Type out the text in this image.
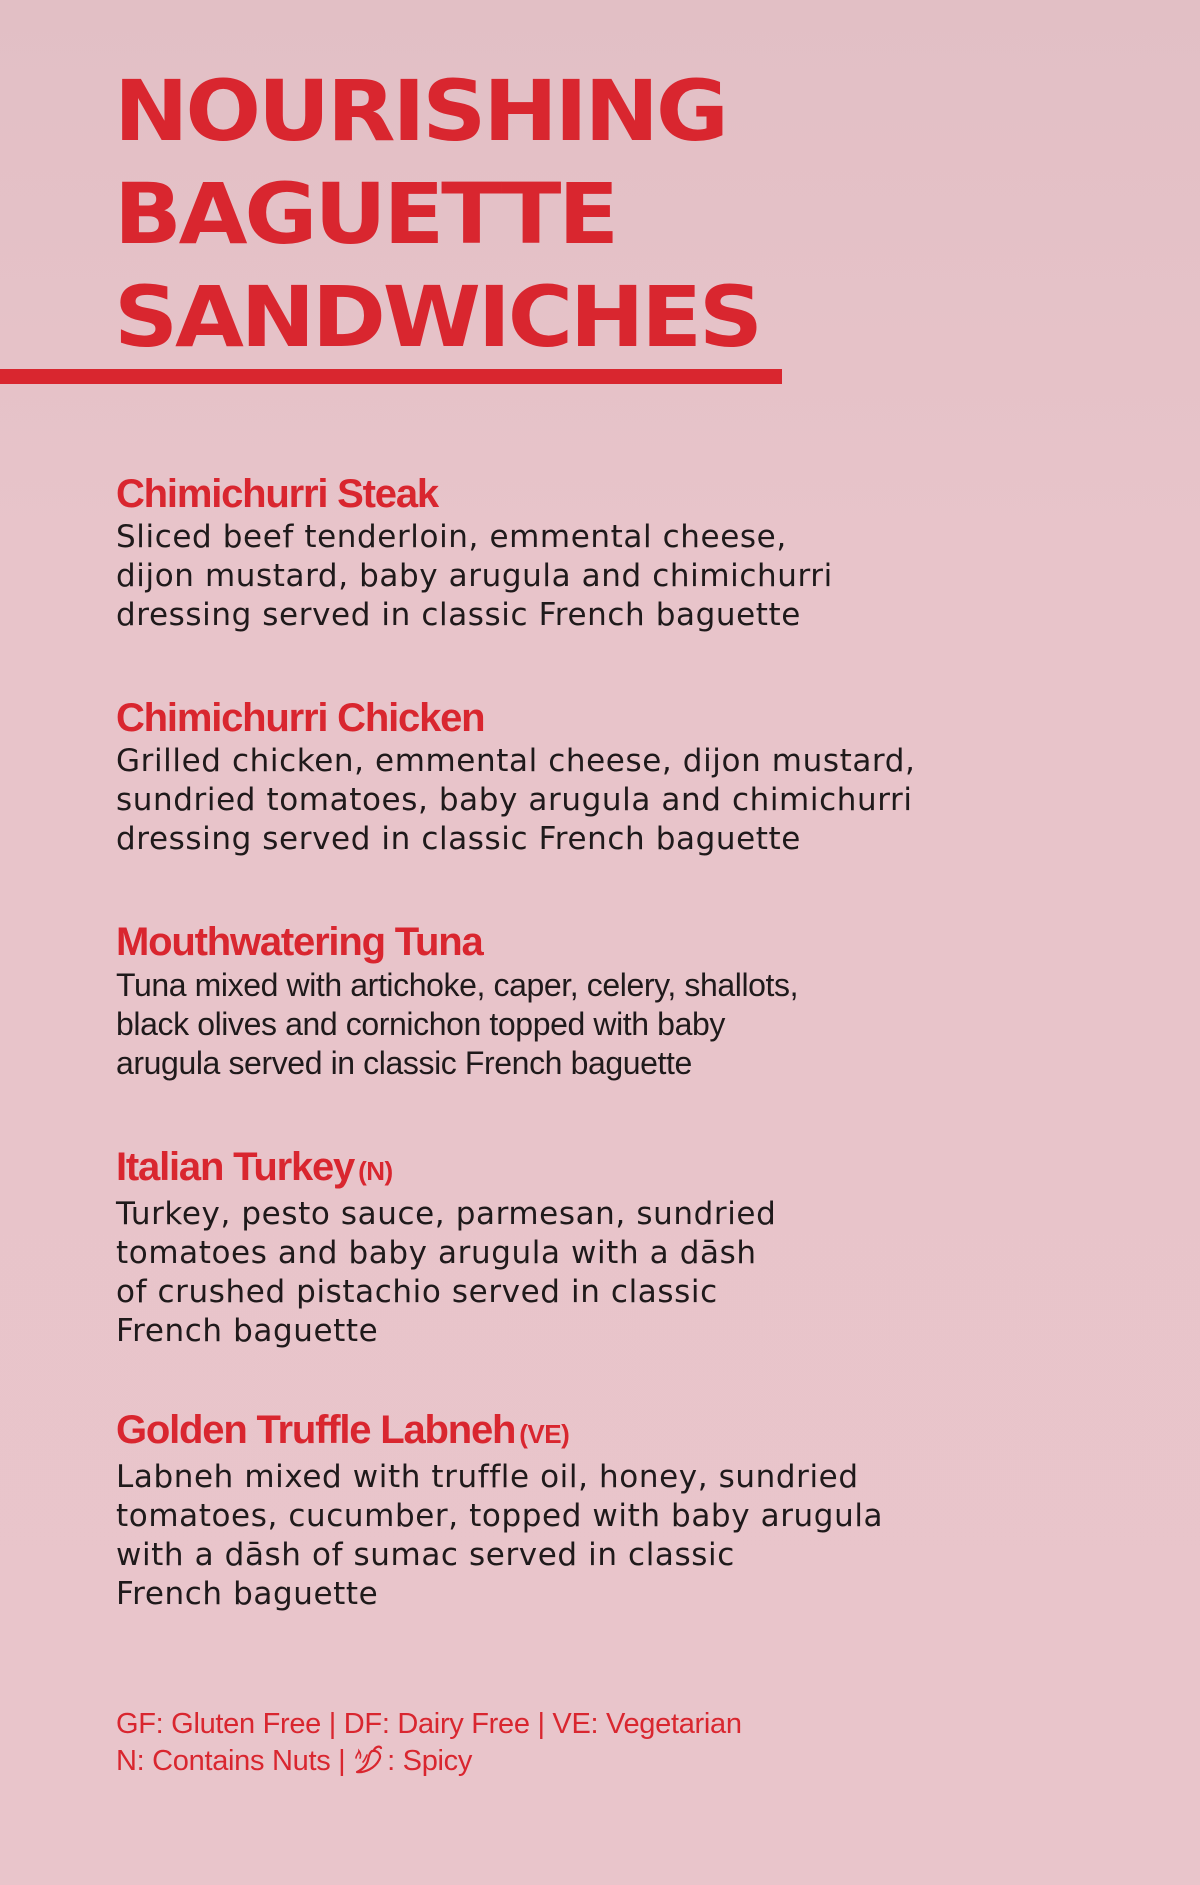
NOURISHING
BAGUETTE
SANDWICHES
Chimichurri Steak

Sliced beef tenderloin, emmental cheese,
dijon mustard, baby arugula and chimichurri
dressing served in classic French baguette

Chimichurri Chicken

Grilled chicken, emmental cheese, dijon mustard,
sundried tomatoes, baby arugula and chimichurri
dressing served in classic French baguette

Mouthwatering Tuna

Tuna mixed with artichoke, caper, celery, shallots,
black olives and cornichon topped with baby
arugula served in classic French baguette

Italian Turkey (N)

Turkey, pesto sauce, parmesan, sundried
tomatoes and baby arugula with a dāsh
of crushed pistachio served in classic
French baguette

Golden Truffle Labneh (VE)

Labneh mixed with truffle oil, honey, sundried
tomatoes, cucumber, topped with baby arugula
with a dāsh of sumac served in classic
French baguette

GF: Gluten Free | DF: Dairy Free | VE: Vegetarian
N: Contains Nuts | : Spicy
